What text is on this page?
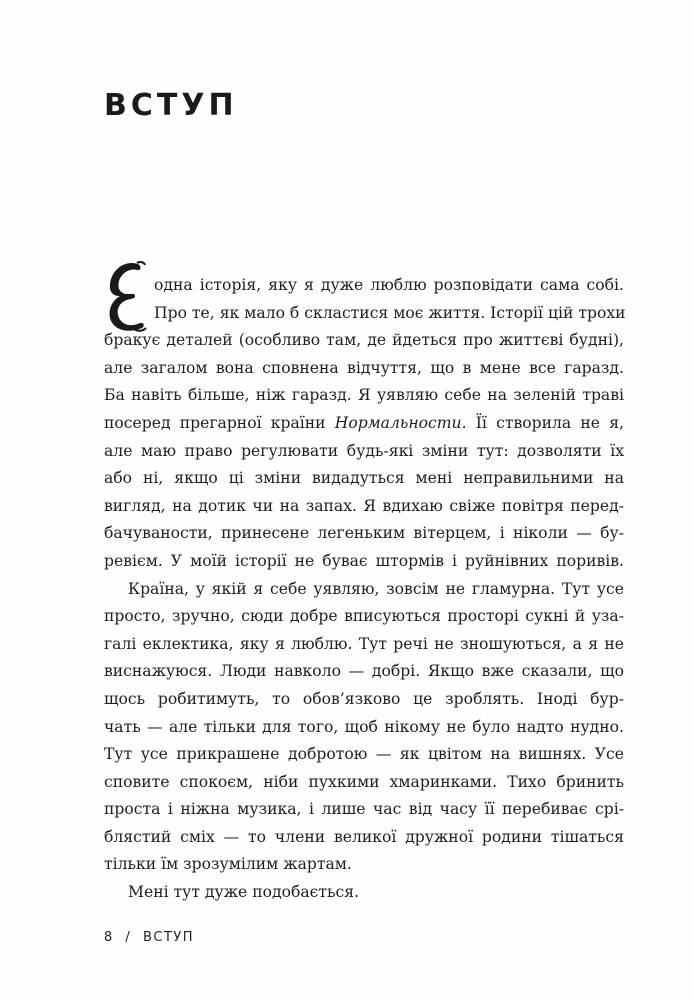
ВСТУП
одна історія, яку я дуже люблю розповідати сама собі.
Про те, як мало б скластися моє життя. Історії цій трохи
бракує деталей (особливо там, де йдеться про життєві будні),
але загалом вона сповнена відчуття, що в мене все гаразд.
Ба навіть більше, ніж гаразд. Я уявляю себе на зеленій траві
посеред прегарної країни Нормальности. Її створила не я,
але маю право регулювати будь-які зміни тут: дозволяти їх
або ні, якщо ці зміни видадуться мені неправильними на
вигляд, на дотик чи на запах. Я вдихаю свіже повітря перед-
бачуваности, принесене легеньким вітерцем, і ніколи — бу-
ревієм. У моїй історії не буває штормів і руйнівних поривів.
Країна, у якій я себе уявляю, зовсім не гламурна. Тут усе
просто, зручно, сюди добре вписуються просторі сукні й уза-
галі еклектика, яку я люблю. Тут речі не зношуються, а я не
виснажуюся. Люди навколо — добрі. Якщо вже сказали, що
щось робитимуть, то обов’язково це зроблять. Іноді бур-
чать — але тільки для того, щоб нікому не було надто нудно.
Тут усе прикрашене добротою — як цвітом на вишнях. Усе
сповите спокоєм, ніби пухкими хмаринками. Тихо бринить
проста і ніжна музика, і лише час від часу її перебиває срі-
блястий сміх — то члени великої дружної родини тішаться
тільки їм зрозумілим жартам.
Мені тут дуже подобається.
8 / ВСТУП
